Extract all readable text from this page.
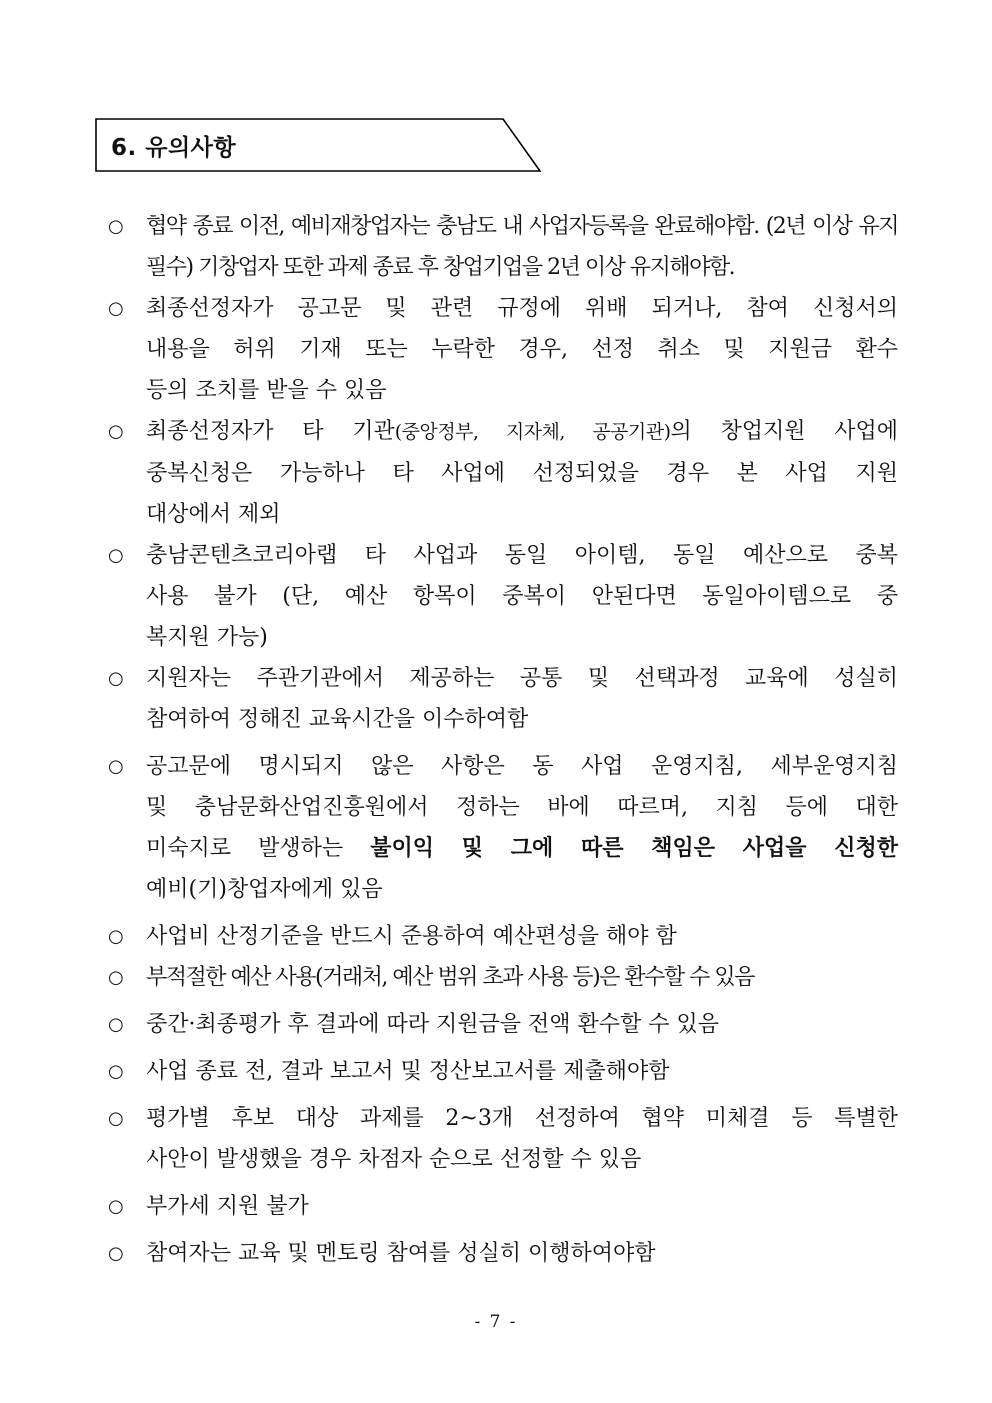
6. 유의사항
○ 협약 종료 이전, 예비재창업자는 충남도 내 사업자등록을 완료해야함. (2년 이상 유지
필수) 기창업자 또한 과제 종료 후 창업기업을 2년 이상 유지해야함.
○ 최종선정자가 공고문 및 관련 규정에 위배 되거나, 참여 신청서의
내용을 허위 기재 또는 누락한 경우, 선정 취소 및 지원금 환수
등의 조치를 받을 수 있음
○ 최종선정자가 타 기관(중앙정부, 지자체, 공공기관)의 창업지원 사업에
중복신청은 가능하나 타 사업에 선정되었을 경우 본 사업 지원
대상에서 제외
○ 충남콘텐츠코리아랩 타 사업과 동일 아이템, 동일 예산으로 중복
사용 불가 (단, 예산 항목이 중복이 안된다면 동일아이템으로 중
복지원 가능)
○ 지원자는 주관기관에서 제공하는 공통 및 선택과정 교육에 성실히
참여하여 정해진 교육시간을 이수하여함
○ 공고문에 명시되지 않은 사항은 동 사업 운영지침, 세부운영지침
및 충남문화산업진흥원에서 정하는 바에 따르며, 지침 등에 대한
미숙지로 발생하는 불이익 및 그에 따른 책임은 사업을 신청한
예비(기)창업자에게 있음
○ 사업비 산정기준을 반드시 준용하여 예산편성을 해야 함
○ 부적절한 예산 사용(거래처, 예산 범위 초과 사용 등)은 환수할 수 있음
○ 중간·최종평가 후 결과에 따라 지원금을 전액 환수할 수 있음
○ 사업 종료 전, 결과 보고서 및 정산보고서를 제출해야함
○ 평가별 후보 대상 과제를 2~3개 선정하여 협약 미체결 등 특별한
사안이 발생했을 경우 차점자 순으로 선정할 수 있음
○ 부가세 지원 불가
○ 참여자는 교육 및 멘토링 참여를 성실히 이행하여야함
- 7 -
